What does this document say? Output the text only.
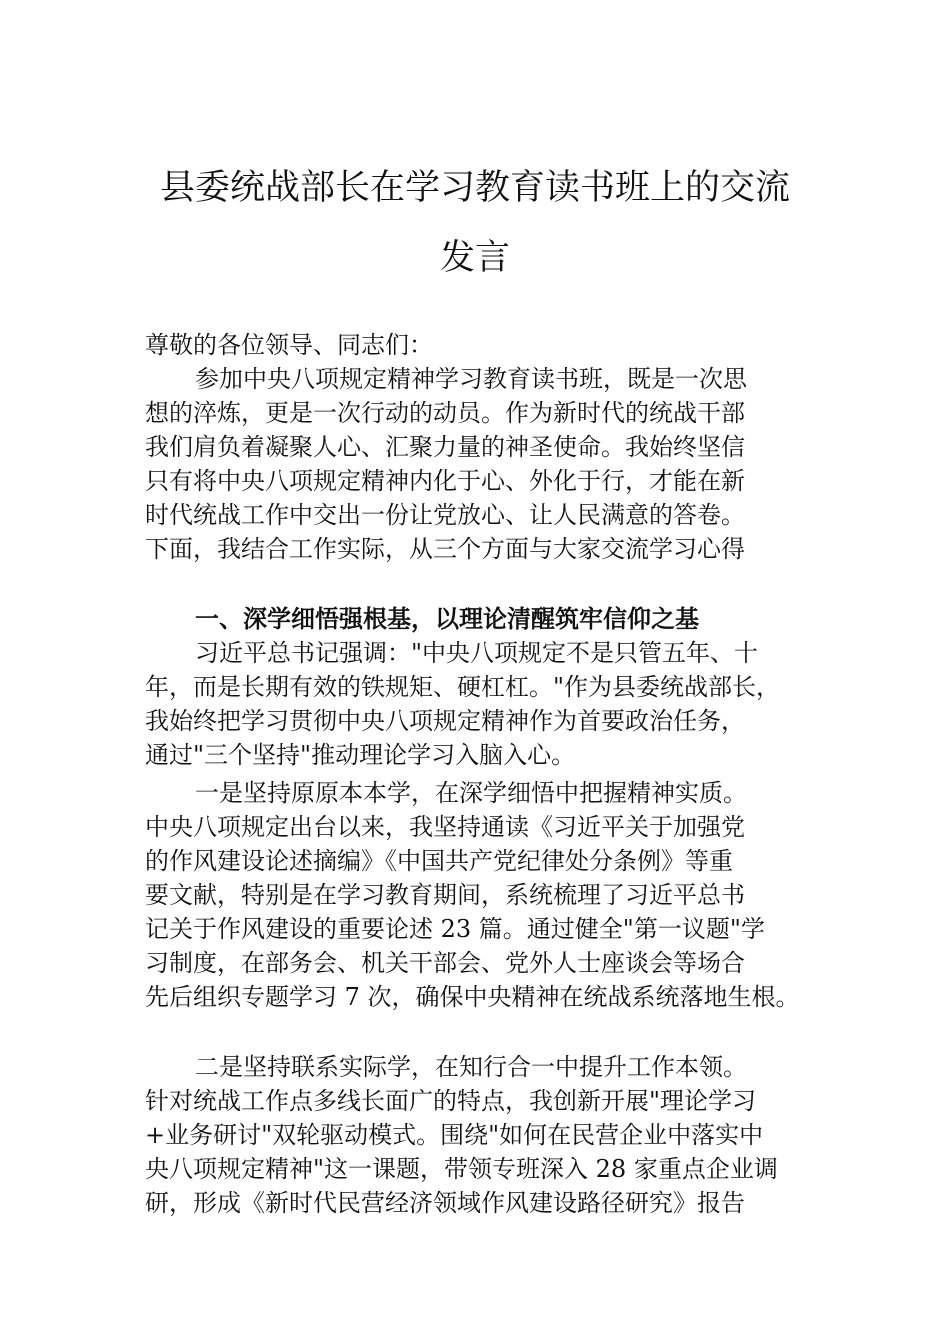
县委统战部长在学习教育读书班上的交流
发言
尊敬的各位领导、同志们：
参加中央八项规定精神学习教育读书班，既是一次思
想的淬炼，更是一次行动的动员。作为新时代的统战干部
我们肩负着凝聚人心、汇聚力量的神圣使命。我始终坚信
只有将中央八项规定精神内化于心、外化于行，才能在新
时代统战工作中交出一份让党放心、让人民满意的答卷。
下面，我结合工作实际，从三个方面与大家交流学习心得
一、深学细悟强根基，以理论清醒筑牢信仰之基
习近平总书记强调："中央八项规定不是只管五年、十
年，而是长期有效的铁规矩、硬杠杠。"作为县委统战部长，
我始终把学习贯彻中央八项规定精神作为首要政治任务，
通过"三个坚持"推动理论学习入脑入心。
一是坚持原原本本学，在深学细悟中把握精神实质。
中央八项规定出台以来，我坚持通读《习近平关于加强党
的作风建设论述摘编》《中国共产党纪律处分条例》等重
要文献，特别是在学习教育期间，系统梳理了习近平总书
记关于作风建设的重要论述 23 篇。通过健全"第一议题"学
习制度，在部务会、机关干部会、党外人士座谈会等场合
先后组织专题学习 7 次，确保中央精神在统战系统落地生根。
二是坚持联系实际学，在知行合一中提升工作本领。
针对统战工作点多线长面广的特点，我创新开展"理论学习
+业务研讨"双轮驱动模式。围绕"如何在民营企业中落实中
央八项规定精神"这一课题，带领专班深入 28 家重点企业调
研，形成《新时代民营经济领域作风建设路径研究》报告
